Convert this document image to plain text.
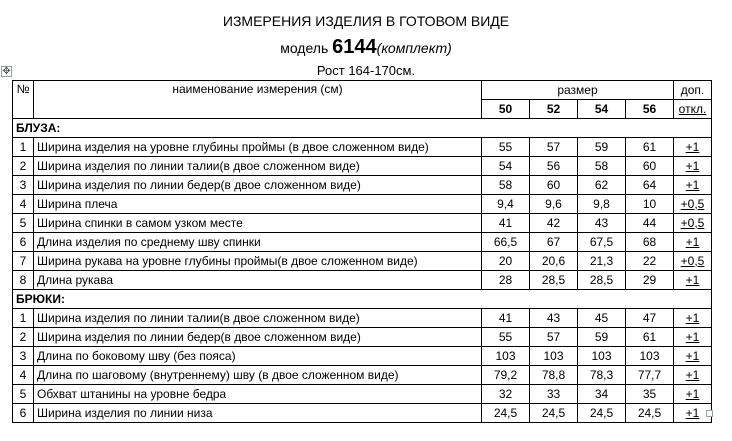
ИЗМЕРЕНИЯ ИЗДЕЛИЯ В ГОТОВОМ ВИДЕ
модель 6144(комплект)
Рост 164-170см.
✥
№	наименование измерения (см)	размер				доп.
		50	52	54	56	откл.
БЛУЗА:						
1	Ширина изделия на уровне глубины проймы (в двое сложенном виде)	55	57	59	61	+1
2	Ширина изделия по линии талии(в двое сложенном виде)	54	56	58	60	+1
3	Ширина изделия по линии бедер(в двое сложенном виде)	58	60	62	64	+1
4	Ширина плеча	9,4	9,6	9,8	10	+0,5
5	Ширина спинки в самом узком месте	41	42	43	44	+0,5
6	Длина изделия по среднему шву спинки	66,5	67	67,5	68	+1
7	Ширина рукава на уровне глубины проймы(в двое сложенном виде)	20	20,6	21,3	22	+0,5
8	Длина рукава	28	28,5	28,5	29	+1
БРЮКИ:						
1	Ширина изделия по линии талии(в двое сложенном виде)	41	43	45	47	+1
2	Ширина изделия по линии бедер(в двое сложенном виде)	55	57	59	61	+1
3	Длина по боковому шву (без пояса)	103	103	103	103	+1
4	Длина по шаговому (внутреннему) шву (в двое сложенном виде)	79,2	78,8	78,3	77,7	+1
5	Обхват штанины на уровне бедра	32	33	34	35	+1
6	Ширина изделия по линии низа	24,5	24,5	24,5	24,5	+1
